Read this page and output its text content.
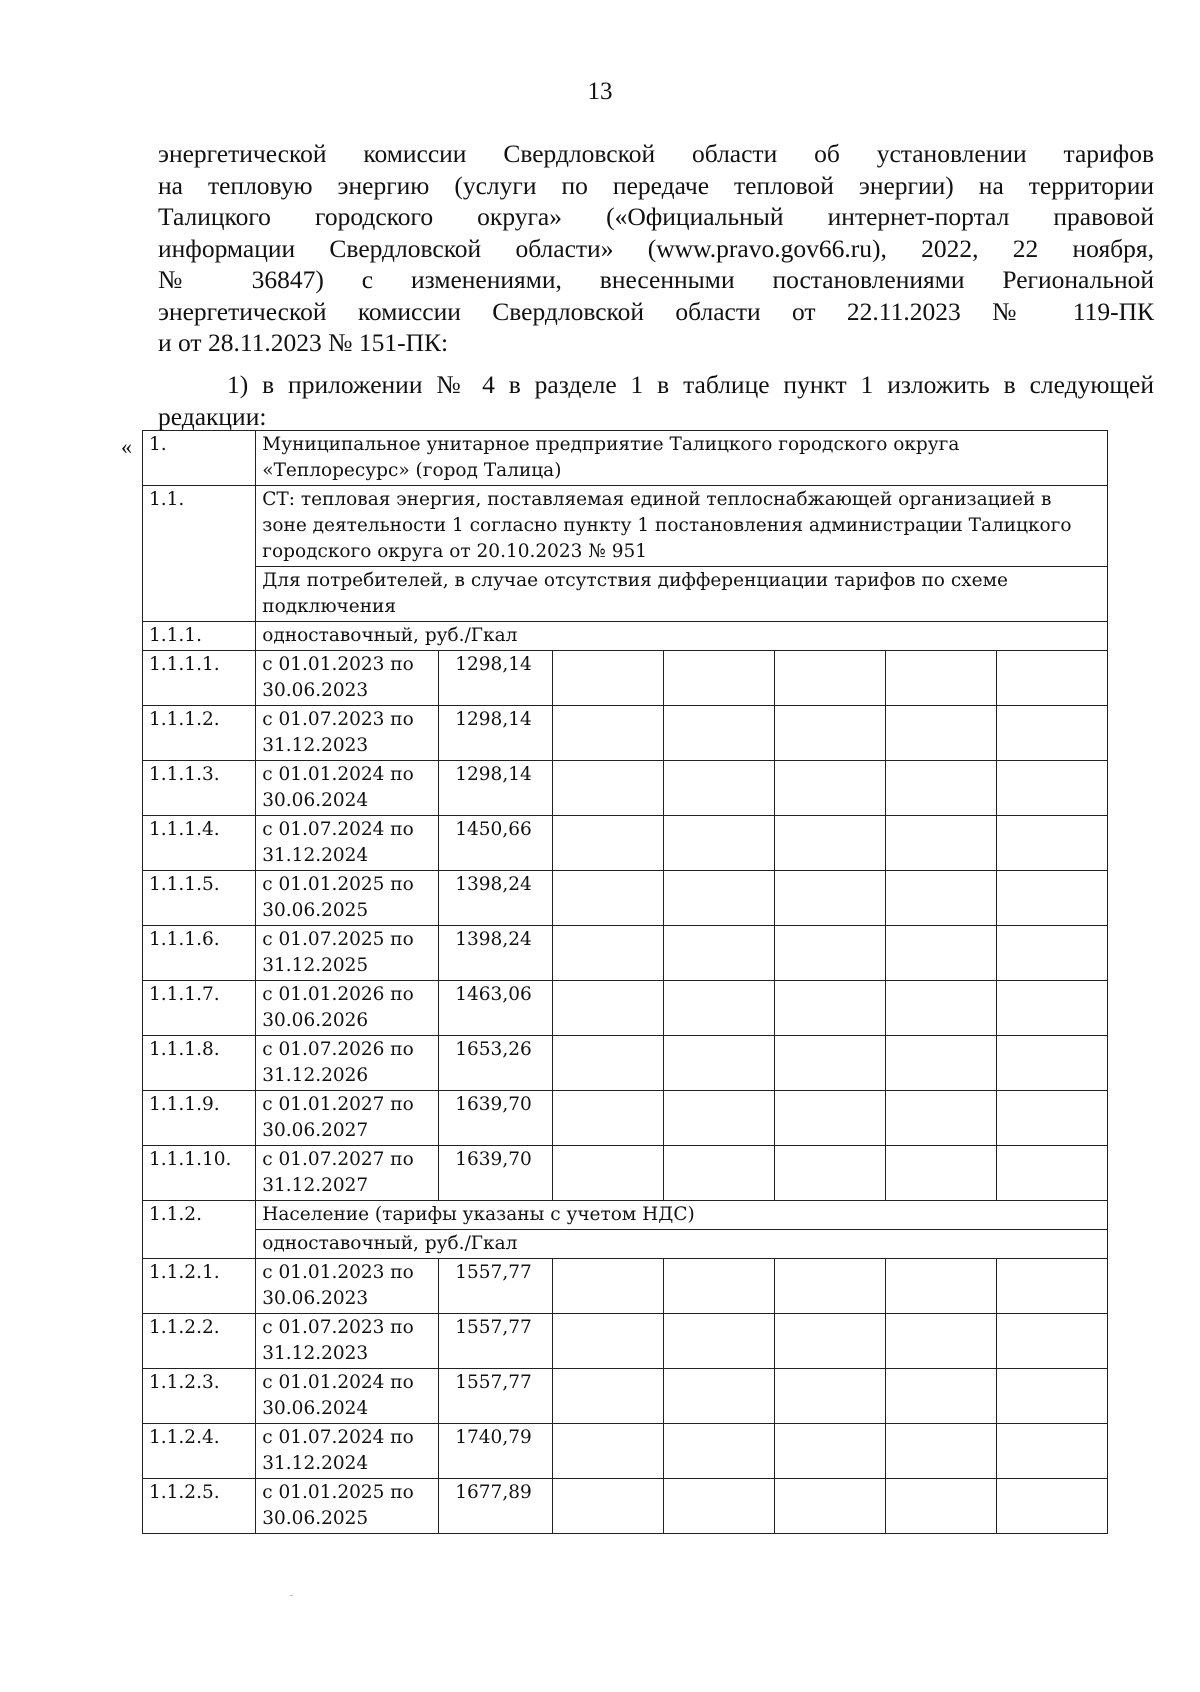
13
энергетической комиссии Свердловской области об установлении тарифов
на тепловую энергию (услуги по передаче тепловой энергии) на территории
Талицкого городского округа» («Официальный интернет-портал правовой
информации Свердловской области» (www.pravo.gov66.ru), 2022, 22 ноября,
№ 36847) с изменениями, внесенными постановлениями Региональной
энергетической комиссии Свердловской области от 22.11.2023 № 119-ПК
и от 28.11.2023 № 151-ПК:
1) в приложении № 4 в разделе 1 в таблице пункт 1 изложить в следующей
редакции:
« 1.	Муниципальное унитарное предприятие Талицкого городского округа «Теплоресурс» (город Талица)						
1.1.	СТ: тепловая энергия, поставляемая единой теплоснабжающей организацией в зоне деятельности 1 согласно пункту 1 постановления администрации Талицкого городского округа от 20.10.2023 № 951						
	Для потребителей, в случае отсутствия дифференциации тарифов по схеме подключения						
1.1.1.	одноставочный, руб./Гкал						
1.1.1.1.	с 01.01.2023 по 30.06.2023	1298,14					
1.1.1.2.	с 01.07.2023 по 31.12.2023	1298,14					
1.1.1.3.	с 01.01.2024 по 30.06.2024	1298,14					
1.1.1.4.	с 01.07.2024 по 31.12.2024	1450,66					
1.1.1.5.	с 01.01.2025 по 30.06.2025	1398,24					
1.1.1.6.	с 01.07.2025 по 31.12.2025	1398,24					
1.1.1.7.	с 01.01.2026 по 30.06.2026	1463,06					
1.1.1.8.	с 01.07.2026 по 31.12.2026	1653,26					
1.1.1.9.	с 01.01.2027 по 30.06.2027	1639,70					
1.1.1.10.	с 01.07.2027 по 31.12.2027	1639,70					
1.1.2.	Население (тарифы указаны с учетом НДС)						
	одноставочный, руб./Гкал						
1.1.2.1.	с 01.01.2023 по 30.06.2023	1557,77					
1.1.2.2.	с 01.07.2023 по 31.12.2023	1557,77					
1.1.2.3.	с 01.01.2024 по 30.06.2024	1557,77					
1.1.2.4.	с 01.07.2024 по 31.12.2024	1740,79					
1.1.2.5.	с 01.01.2025 по 30.06.2025	1677,89					
